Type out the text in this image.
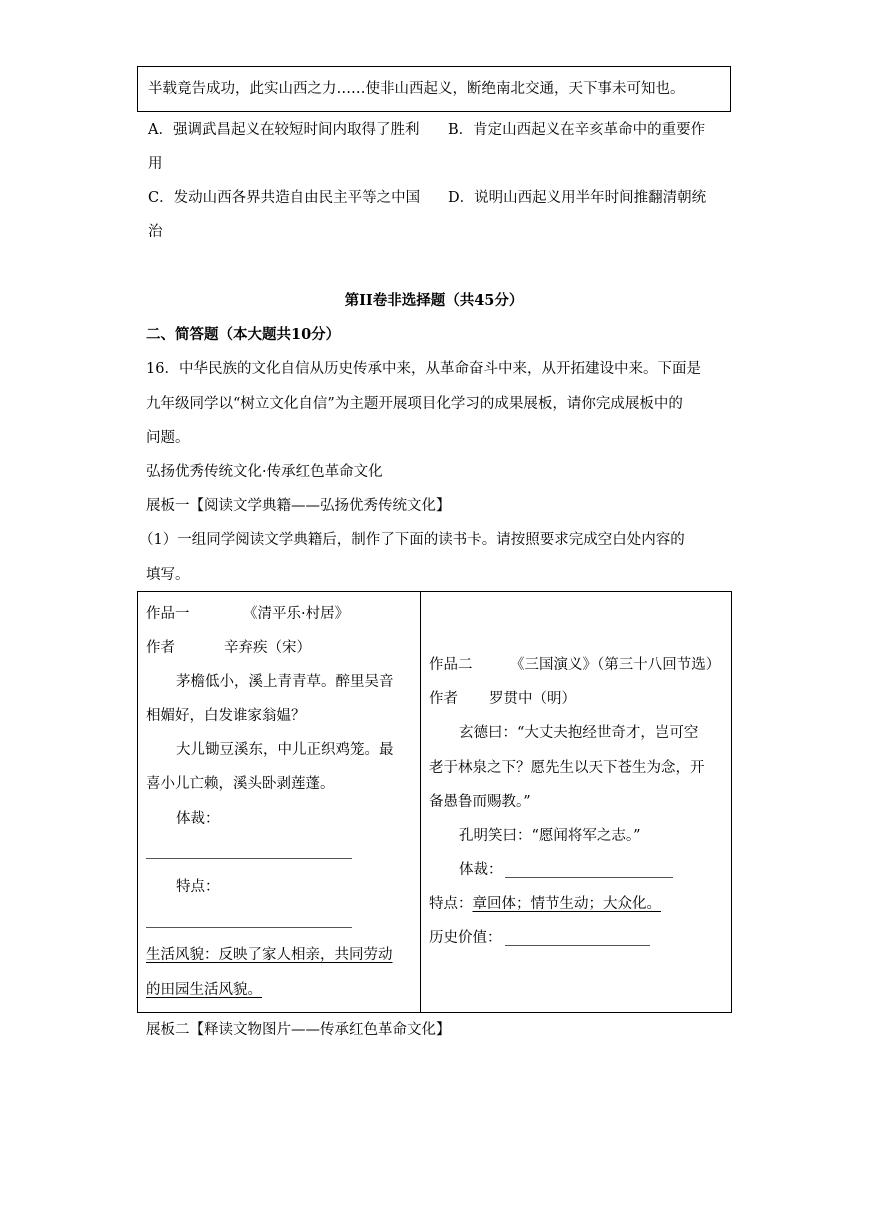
半载竟告成功，此实山西之力……使非山西起义，断绝南北交通，天下事未可知也。
A．强调武昌起义在较短时间内取得了胜利 B．肯定山西起义在辛亥革命中的重要作
用
C．发动山西各界共造自由民主平等之中国 D．说明山西起义用半年时间推翻清朝统
治
第II卷非选择题（共45分）
二、简答题（本大题共10分）
16．中华民族的文化自信从历史传承中来，从革命奋斗中来，从开拓建设中来。下面是
九年级同学以“树立文化自信”为主题开展项目化学习的成果展板，请你完成展板中的
问题。
弘扬优秀传统文化·传承红色革命文化
展板一【阅读文学典籍——弘扬优秀传统文化】
（1）一组同学阅读文学典籍后，制作了下面的读书卡。请按照要求完成空白处内容的
填写。
作品一	《清平乐·村居》
作者	辛弃疾（宋）
茅檐低小，溪上青青草。醉里吴音
相媚好，白发谁家翁媪？
大儿锄豆溪东，中儿正织鸡笼。最
喜小儿亡赖，溪头卧剥莲蓬。
体裁：
特点：
生活风貌：反映了家人相亲，共同劳动
的田园生活风貌。
作品二	《三国演义》（第三十八回节选）
作者 罗贯中（明）
玄德曰：“大丈夫抱经世奇才，岂可空
老于林泉之下？愿先生以天下苍生为念，开
备愚鲁而赐教。”
孔明笑曰：“愿闻将军之志。”
体裁：
特点：章回体；情节生动；大众化。
历史价值：
展板二【释读文物图片——传承红色革命文化】
